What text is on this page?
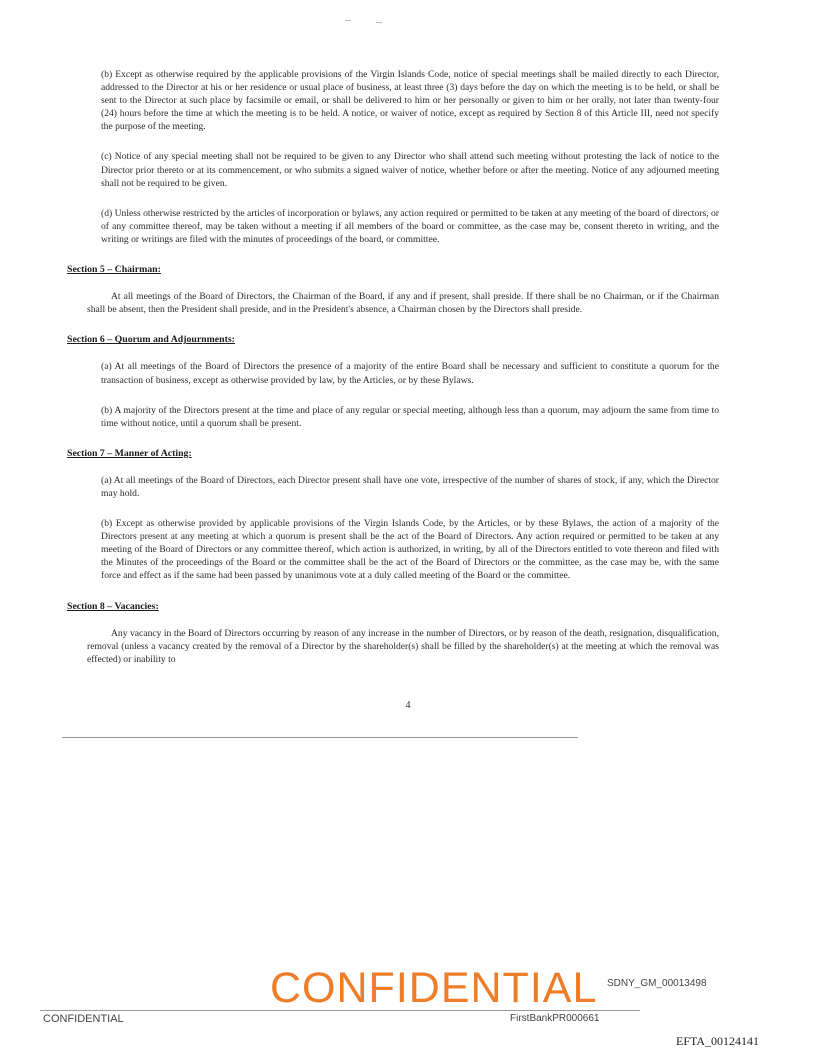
(b) Except as otherwise required by the applicable provisions of the Virgin Islands Code, notice of special meetings shall be mailed directly to each Director, addressed to the Director at his or her residence or usual place of business, at least three (3) days before the day on which the meeting is to be held, or shall be sent to the Director at such place by facsimile or email, or shall be delivered to him or her personally or given to him or her orally, not later than twenty-four (24) hours before the time at which the meeting is to be held. A notice, or waiver of notice, except as required by Section 8 of this Article III, need not specify the purpose of the meeting.

(c) Notice of any special meeting shall not be required to be given to any Director who shall attend such meeting without protesting the lack of notice to the Director prior thereto or at its commencement, or who submits a signed waiver of notice, whether before or after the meeting. Notice of any adjourned meeting shall not be required to be given.

(d) Unless otherwise restricted by the articles of incorporation or bylaws, any action required or permitted to be taken at any meeting of the board of directors, or of any committee thereof, may be taken without a meeting if all members of the board or committee, as the case may be, consent thereto in writing, and the writing or writings are filed with the minutes of proceedings of the board, or committee.

Section 5 – Chairman:

At all meetings of the Board of Directors, the Chairman of the Board, if any and if present, shall preside. If there shall be no Chairman, or if the Chairman shall be absent, then the President shall preside, and in the President's absence, a Chairman chosen by the Directors shall preside.

Section 6 – Quorum and Adjournments:

(a) At all meetings of the Board of Directors the presence of a majority of the entire Board shall be necessary and sufficient to constitute a quorum for the transaction of business, except as otherwise provided by law, by the Articles, or by these Bylaws.

(b) A majority of the Directors present at the time and place of any regular or special meeting, although less than a quorum, may adjourn the same from time to time without notice, until a quorum shall be present.

Section 7 – Manner of Acting:

(a) At all meetings of the Board of Directors, each Director present shall have one vote, irrespective of the number of shares of stock, if any, which the Director may hold.

(b) Except as otherwise provided by applicable provisions of the Virgin Islands Code, by the Articles, or by these Bylaws, the action of a majority of the Directors present at any meeting at which a quorum is present shall be the act of the Board of Directors. Any action required or permitted to be taken at any meeting of the Board of Directors or any committee thereof, which action is authorized, in writing, by all of the Directors entitled to vote thereon and filed with the Minutes of the proceedings of the Board or the committee shall be the act of the Board of Directors or the committee, as the case may be, with the same force and effect as if the same had been passed by unanimous vote at a duly called meeting of the Board or the committee.

Section 8 – Vacancies:

Any vacancy in the Board of Directors occurring by reason of any increase in the number of Directors, or by reason of the death, resignation, disqualification, removal (unless a vacancy created by the removal of a Director by the shareholder(s) shall be filled by the shareholder(s) at the meeting at which the removal was effected) or inability to

4
CONFIDENTIAL SDNY_GM_00013498
CONFIDENTIAL	FirstBankPR000661
EFTA_00124141
